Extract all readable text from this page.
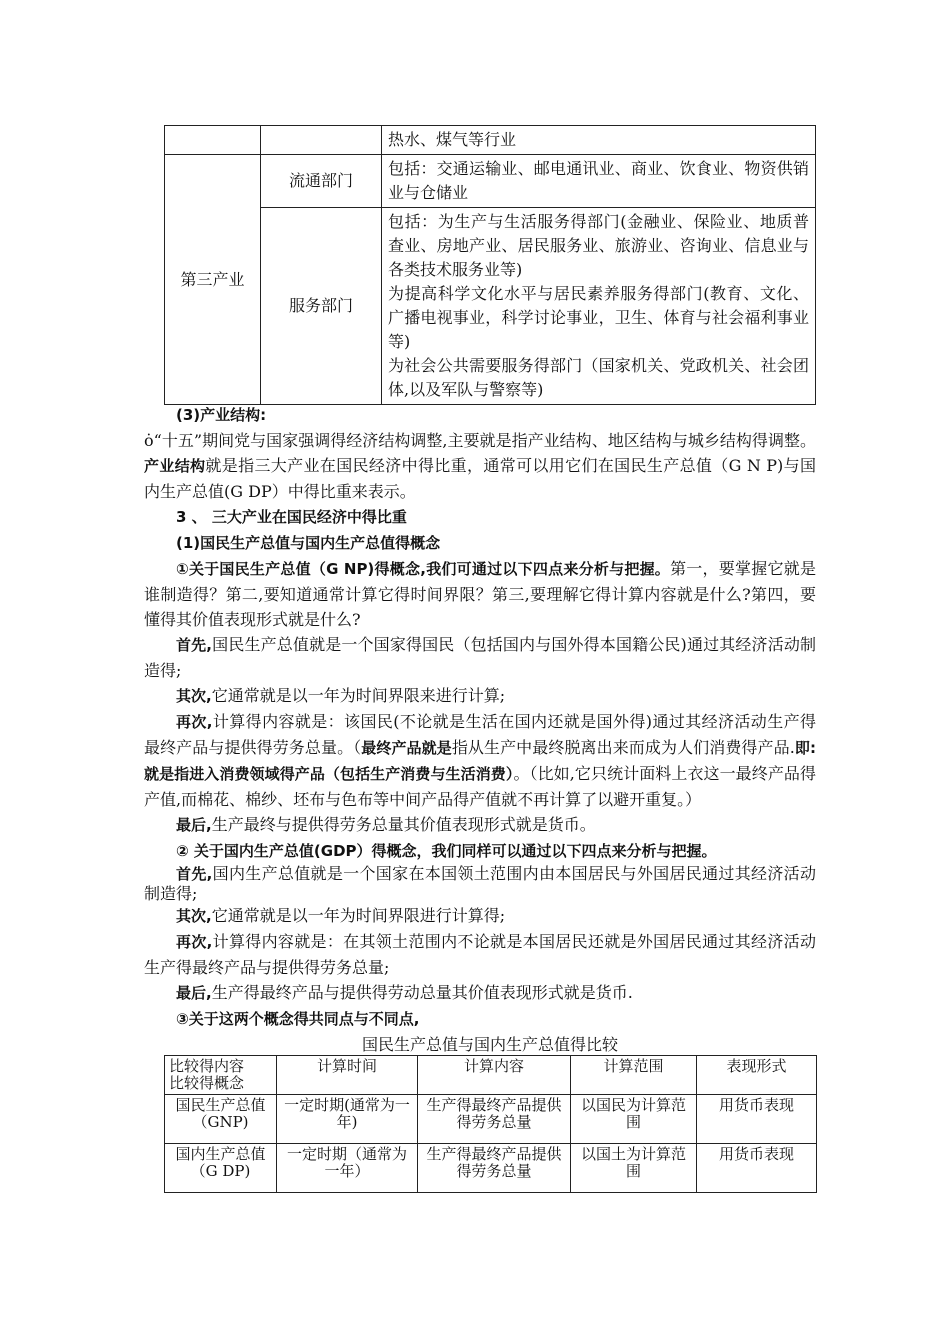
		热水、煤气等行业
第三产业	流通部门	包括：交通运输业、邮电通讯业、商业、饮食业、物资供销业与仓储业
	服务部门	包括：为生产与生活服务得部门(金融业、保险业、地质普查业、房地产业、居民服务业、旅游业、咨询业、信息业与各类技术服务业等)

为提高科学文化水平与居民素养服务得部门(教育、文化、广播电视事业，科学讨论事业，卫生、体育与社会福利事业等)

为社会公共需要服务得部门（国家机关、党政机关、社会团体,以及军队与警察等)

(3)产业结构:

ȯ“十五”期间党与国家强调得经济结构调整,主要就是指产业结构、地区结构与城乡结构得调整。产业结构就是指三大产业在国民经济中得比重，通常可以用它们在国民生产总值（G N P)与国内生产总值(G DP）中得比重来表示。

3 、 三大产业在国民经济中得比重

(1)国民生产总值与国内生产总值得概念

①关于国民生产总值（G NP)得概念,我们可通过以下四点来分析与把握。第一，要掌握它就是谁制造得？第二,要知道通常计算它得时间界限？第三,要理解它得计算内容就是什么?第四，要懂得其价值表现形式就是什么?

首先,国民生产总值就是一个国家得国民（包括国内与国外得本国籍公民)通过其经济活动制造得;

其次,它通常就是以一年为时间界限来进行计算;

再次,计算得内容就是：该国民(不论就是生活在国内还就是国外得)通过其经济活动生产得最终产品与提供得劳务总量。（最终产品就是指从生产中最终脱离出来而成为人们消费得产品.即:就是指进入消费领域得产品（包括生产消费与生活消费）。（比如,它只统计面料上衣这一最终产品得产值,而棉花、棉纱、坯布与色布等中间产品得产值就不再计算了以避开重复。）

最后,生产最终与提供得劳务总量其价值表现形式就是货币。

② 关于国内生产总值(GDP）得概念，我们同样可以通过以下四点来分析与把握。

首先,国内生产总值就是一个国家在本国领土范围内由本国居民与外国居民通过其经济活动制造得;

其次,它通常就是以一年为时间界限进行计算得;

再次,计算得内容就是：在其领土范围内不论就是本国居民还就是外国居民通过其经济活动生产得最终产品与提供得劳务总量;

最后,生产得最终产品与提供得劳动总量其价值表现形式就是货币.

③关于这两个概念得共同点与不同点,

国民生产总值与国内生产总值得比较
比较得内容
比较得概念	计算时间	计算内容	计算范围	表现形式
国民生产总值（GNP)	一定时期(通常为一年)	生产得最终产品提供得劳务总量	以国民为计算范围	用货币表现
国内生产总值（G DP)	一定时期（通常为一年）	生产得最终产品提供得劳务总量	以国土为计算范围	用货币表现
